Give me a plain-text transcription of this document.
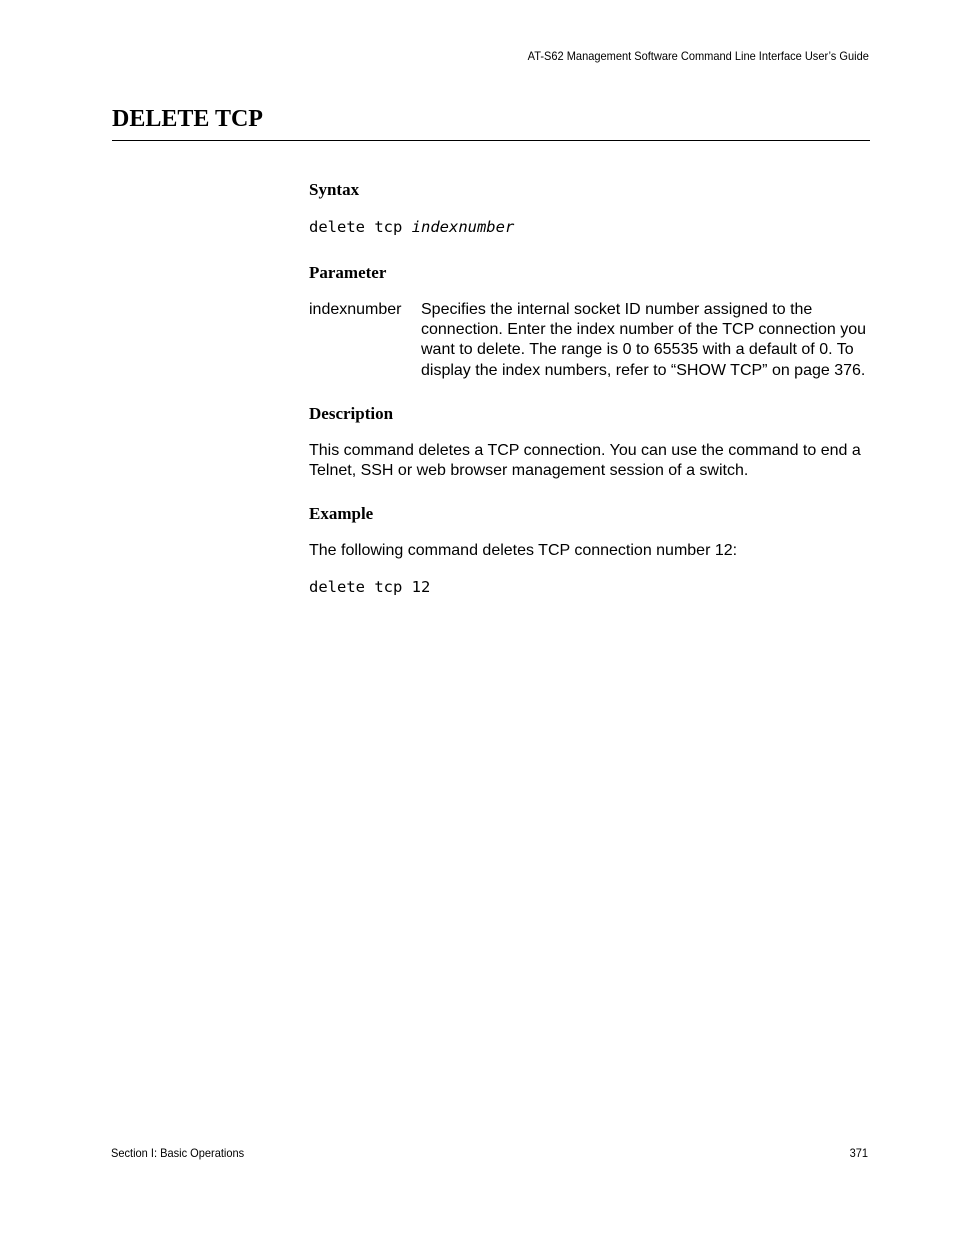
AT-S62 Management Software Command Line Interface User’s Guide
DELETE TCP
Syntax
delete tcp indexnumber
Parameter
indexnumber	Specifies the internal socket ID number assigned to the connection. Enter the index number of the TCP connection you want to delete. The range is 0 to 65535 with a default of 0. To display the index numbers, refer to “SHOW TCP” on page 376.
Description

This command deletes a TCP connection. You can use the command to end a Telnet, SSH or web browser management session of a switch.

Example

The following command deletes TCP connection number 12:

delete tcp 12
Section I: Basic Operations	371
